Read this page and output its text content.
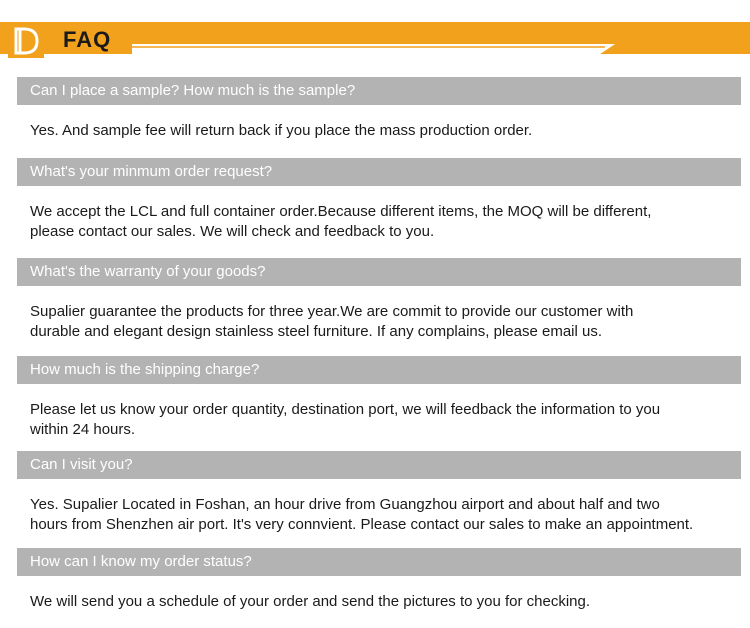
FAQ
Can I place a sample? How much is the sample?
Yes. And sample fee will return back if you place the mass production order.
What's your minmum order request?
We accept the LCL and full container order.Because different items, the MOQ will be different,
please contact our sales. We will check and feedback to you.
What's the warranty of your goods?
Supalier guarantee the products for three year.We are commit to provide our customer with
durable and elegant design stainless steel furniture. If any complains, please email us.
How much is the shipping charge?
Please let us know your order quantity, destination port, we will feedback the information to you
within 24 hours.
Can I visit you?
Yes. Supalier Located in Foshan, an hour drive from Guangzhou airport and about half and two
hours from Shenzhen air port. It's very connvient. Please contact our sales to make an appointment.
How can I know my order status?
We will send you a schedule of your order and send the pictures to you for checking.
